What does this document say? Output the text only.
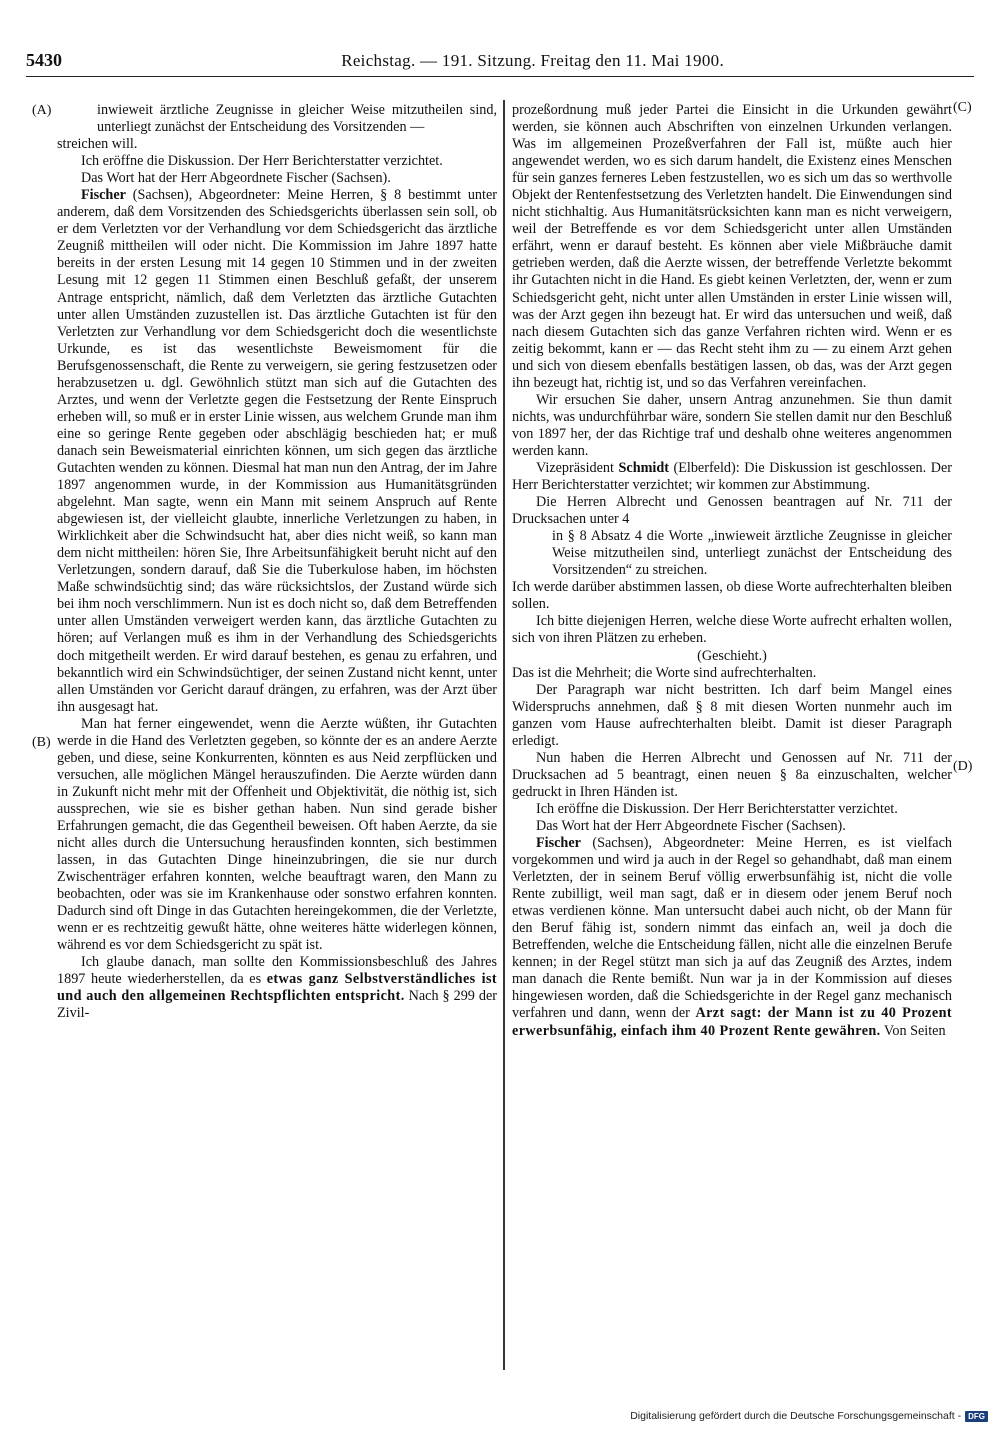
5430	Reichstag. — 191. Sitzung. Freitag den 11. Mai 1900.
(A)
(B)
(C)
(D)

inwieweit ärztliche Zeugnisse in gleicher Weise mitzutheilen sind, unterliegt zunächst der Entscheidung des Vorsitzenden —

streichen will.

Ich eröffne die Diskussion. Der Herr Berichterstatter verzichtet.

Das Wort hat der Herr Abgeordnete Fischer (Sachsen).

Fischer (Sachsen), Abgeordneter: Meine Herren, § 8 bestimmt unter anderem, daß dem Vorsitzenden des Schiedsgerichts überlassen sein soll, ob er dem Verletzten vor der Verhandlung vor dem Schiedsgericht das ärztliche Zeugniß mittheilen will oder nicht. Die Kommission im Jahre 1897 hatte bereits in der ersten Lesung mit 14 gegen 10 Stimmen und in der zweiten Lesung mit 12 gegen 11 Stimmen einen Beschluß gefaßt, der unserem Antrage entspricht, nämlich, daß dem Verletzten das ärztliche Gutachten unter allen Umständen zuzustellen ist. Das ärztliche Gutachten ist für den Verletzten zur Verhandlung vor dem Schiedsgericht doch die wesentlichste Urkunde, es ist das wesentlichste Beweismoment für die Berufsgenossenschaft, die Rente zu verweigern, sie gering festzusetzen oder herabzusetzen u. dgl. Gewöhnlich stützt man sich auf die Gutachten des Arztes, und wenn der Verletzte gegen die Festsetzung der Rente Einspruch erheben will, so muß er in erster Linie wissen, aus welchem Grunde man ihm eine so geringe Rente gegeben oder abschlägig beschieden hat; er muß danach sein Beweismaterial einrichten können, um sich gegen das ärztliche Gutachten wenden zu können. Diesmal hat man nun den Antrag, der im Jahre 1897 angenommen wurde, in der Kommission aus Humanitätsgründen abgelehnt. Man sagte, wenn ein Mann mit seinem Anspruch auf Rente abgewiesen ist, der vielleicht glaubte, innerliche Verletzungen zu haben, in Wirklichkeit aber die Schwindsucht hat, aber dies nicht weiß, so kann man dem nicht mittheilen: hören Sie, Ihre Arbeitsunfähigkeit beruht nicht auf den Verletzungen, sondern darauf, daß Sie die Tuberkulose haben, im höchsten Maße schwindsüchtig sind; das wäre rücksichtslos, der Zustand würde sich bei ihm noch verschlimmern. Nun ist es doch nicht so, daß dem Betreffenden unter allen Umständen verweigert werden kann, das ärztliche Gutachten zu hören; auf Verlangen muß es ihm in der Verhandlung des Schiedsgerichts doch mitgetheilt werden. Er wird darauf bestehen, es genau zu erfahren, und bekanntlich wird ein Schwindsüchtiger, der seinen Zustand nicht kennt, unter allen Umständen vor Gericht darauf drängen, zu erfahren, was der Arzt über ihn ausgesagt hat.

Man hat ferner eingewendet, wenn die Aerzte wüßten, ihr Gutachten werde in die Hand des Verletzten gegeben, so könnte der es an andere Aerzte geben, und diese, seine Konkurrenten, könnten es aus Neid zerpflücken und versuchen, alle möglichen Mängel herauszufinden. Die Aerzte würden dann in Zukunft nicht mehr mit der Offenheit und Objektivität, die nöthig ist, sich aussprechen, wie sie es bisher gethan haben. Nun sind gerade bisher Erfahrungen gemacht, die das Gegentheil beweisen. Oft haben Aerzte, da sie nicht alles durch die Untersuchung herausfinden konnten, sich bestimmen lassen, in das Gutachten Dinge hineinzubringen, die sie nur durch Zwischenträger erfahren konnten, welche beauftragt waren, den Mann zu beobachten, oder was sie im Krankenhause oder sonstwo erfahren konnten. Dadurch sind oft Dinge in das Gutachten hereingekommen, die der Verletzte, wenn er es rechtzeitig gewußt hätte, ohne weiteres hätte widerlegen können, während es vor dem Schiedsgericht zu spät ist.

Ich glaube danach, man sollte den Kommissionsbeschluß des Jahres 1897 heute wiederherstellen, da es etwas ganz Selbstverständliches ist und auch den allgemeinen Rechtspflichten entspricht. Nach § 299 der Zivil-

prozeßordnung muß jeder Partei die Einsicht in die Urkunden gewährt werden, sie können auch Abschriften von einzelnen Urkunden verlangen. Was im allgemeinen Prozeßverfahren der Fall ist, müßte auch hier angewendet werden, wo es sich darum handelt, die Existenz eines Menschen für sein ganzes ferneres Leben festzustellen, wo es sich um das so werthvolle Objekt der Rentenfestsetzung des Verletzten handelt. Die Einwendungen sind nicht stichhaltig. Aus Humanitätsrücksichten kann man es nicht verweigern, weil der Betreffende es vor dem Schiedsgericht unter allen Umständen erfährt, wenn er darauf besteht. Es können aber viele Mißbräuche damit getrieben werden, daß die Aerzte wissen, der betreffende Verletzte bekommt ihr Gutachten nicht in die Hand. Es giebt keinen Verletzten, der, wenn er zum Schiedsgericht geht, nicht unter allen Umständen in erster Linie wissen will, was der Arzt gegen ihn bezeugt hat. Er wird das untersuchen und weiß, daß nach diesem Gutachten sich das ganze Verfahren richten wird. Wenn er es zeitig bekommt, kann er — das Recht steht ihm zu — zu einem Arzt gehen und sich von diesem ebenfalls bestätigen lassen, ob das, was der Arzt gegen ihn bezeugt hat, richtig ist, und so das Verfahren vereinfachen.

Wir ersuchen Sie daher, unsern Antrag anzunehmen. Sie thun damit nichts, was undurchführbar wäre, sondern Sie stellen damit nur den Beschluß von 1897 her, der das Richtige traf und deshalb ohne weiteres angenommen werden kann.

Vizepräsident Schmidt (Elberfeld): Die Diskussion ist geschlossen. Der Herr Berichterstatter verzichtet; wir kommen zur Abstimmung.

Die Herren Albrecht und Genossen beantragen auf Nr. 711 der Drucksachen unter 4

in § 8 Absatz 4 die Worte „inwieweit ärztliche Zeugnisse in gleicher Weise mitzutheilen sind, unterliegt zunächst der Entscheidung des Vorsitzenden“ zu streichen.

Ich werde darüber abstimmen lassen, ob diese Worte aufrechterhalten bleiben sollen.

Ich bitte diejenigen Herren, welche diese Worte aufrecht erhalten wollen, sich von ihren Plätzen zu erheben.

(Geschieht.)

Das ist die Mehrheit; die Worte sind aufrechterhalten.

Der Paragraph war nicht bestritten. Ich darf beim Mangel eines Widerspruchs annehmen, daß § 8 mit diesen Worten nunmehr auch im ganzen vom Hause aufrechterhalten bleibt. Damit ist dieser Paragraph erledigt.

Nun haben die Herren Albrecht und Genossen auf Nr. 711 der Drucksachen ad 5 beantragt, einen neuen § 8a einzuschalten, welcher gedruckt in Ihren Händen ist.

Ich eröffne die Diskussion. Der Herr Berichterstatter verzichtet.

Das Wort hat der Herr Abgeordnete Fischer (Sachsen).

Fischer (Sachsen), Abgeordneter: Meine Herren, es ist vielfach vorgekommen und wird ja auch in der Regel so gehandhabt, daß man einem Verletzten, der in seinem Beruf völlig erwerbsunfähig ist, nicht die volle Rente zubilligt, weil man sagt, daß er in diesem oder jenem Beruf noch etwas verdienen könne. Man untersucht dabei auch nicht, ob der Mann für den Beruf fähig ist, sondern nimmt das einfach an, weil ja doch die Betreffenden, welche die Entscheidung fällen, nicht alle die einzelnen Berufe kennen; in der Regel stützt man sich ja auf das Zeugniß des Arztes, indem man danach die Rente bemißt. Nun war ja in der Kommission auf dieses hingewiesen worden, daß die Schiedsgerichte in der Regel ganz mechanisch verfahren und dann, wenn der Arzt sagt: der Mann ist zu 40 Prozent erwerbsunfähig, einfach ihm 40 Prozent Rente gewähren. Von Seiten

Digitalisierung gefördert durch die Deutsche Forschungsgemeinschaft - DFG
